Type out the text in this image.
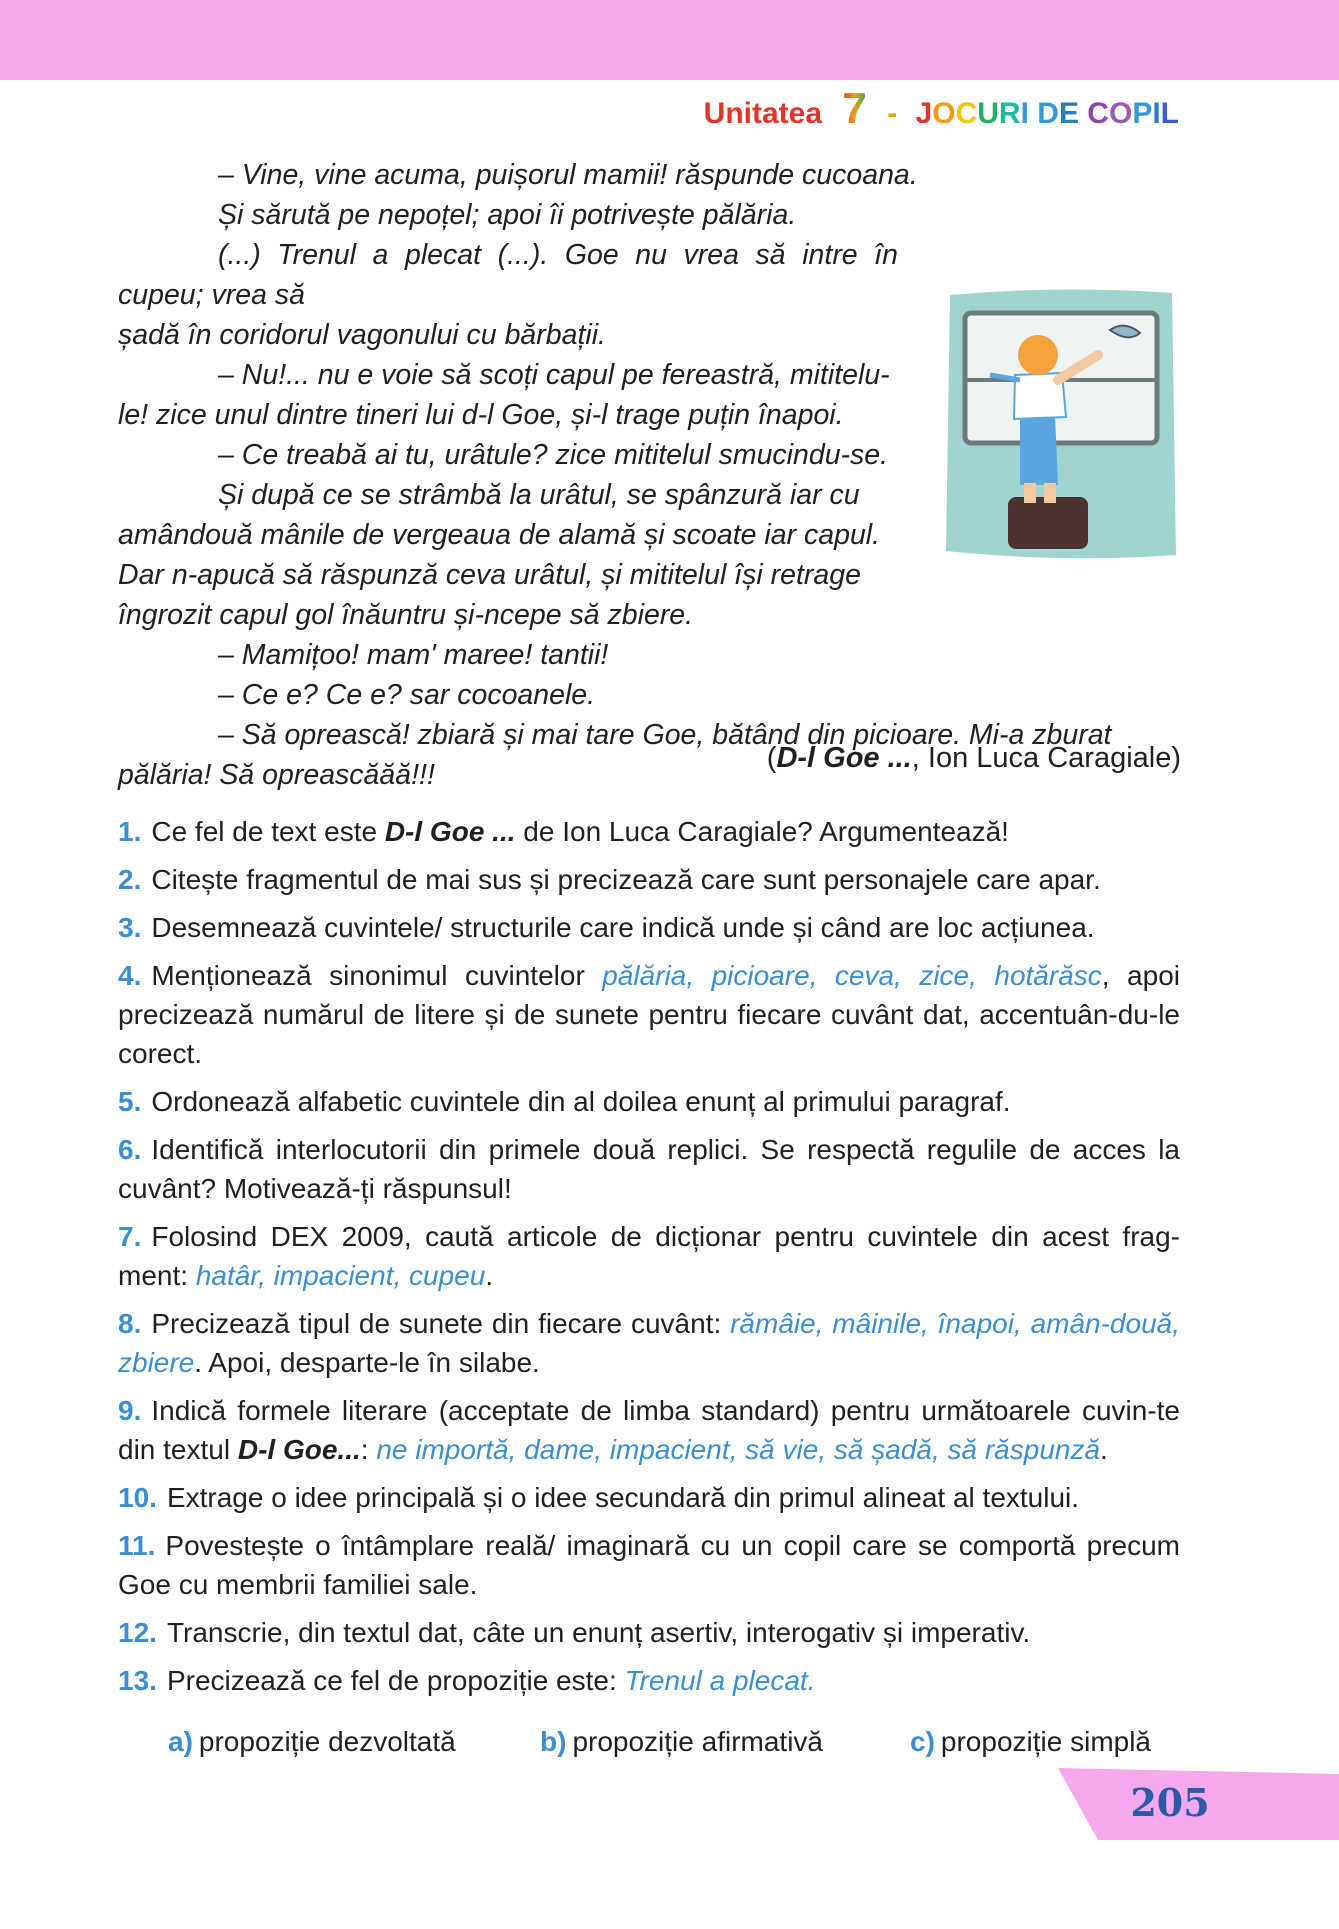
Unitatea 7 - JOCURI DE COPIL

– Vine, vine acuma, puișorul mamii! răspunde cucoana.

Și sărută pe nepoțel; apoi îi potrivește pălăria.

(...) Trenul a plecat (...). Goe nu vrea să intre în cupeu; vrea să

șadă în coridorul vagonului cu bărbații.

– Nu!... nu e voie să scoți capul pe fereastră, mititelu-

le! zice unul dintre tineri lui d-l Goe, și-l trage puțin înapoi.

– Ce treabă ai tu, urâtule? zice mititelul smucindu-se.

Și după ce se strâmbă la urâtul, se spânzură iar cu

amândouă mânile de vergeaua de alamă și scoate iar capul.

Dar n-apucă să răspunză ceva urâtul, și mititelul își retrage

îngrozit capul gol înăuntru și-ncepe să zbiere.

– Mamițoo! mam' maree! tantii!

– Ce e? Ce e? sar cocoanele.

– Să oprească! zbiară și mai tare Goe, bătând din picioare. Mi-a zburat

pălăria! Să opreascăăă!!!

(D-l Goe ..., Ion Luca Caragiale)

1. Ce fel de text este D-l Goe ... de Ion Luca Caragiale? Argumentează!

2. Citește fragmentul de mai sus și precizează care sunt personajele care apar.

3. Desemnează cuvintele/ structurile care indică unde și când are loc acțiunea.

4. Menționează sinonimul cuvintelor pălăria, picioare, ceva, zice, hotărăsc, apoi precizează numărul de litere și de sunete pentru fiecare cuvânt dat, accentuân-du-le corect.

5. Ordonează alfabetic cuvintele din al doilea enunț al primului paragraf.

6. Identifică interlocutorii din primele două replici. Se respectă regulile de acces la cuvânt? Motivează-ți răspunsul!

7. Folosind DEX 2009, caută articole de dicționar pentru cuvintele din acest frag-ment: hatâr, impacient, cupeu.

8. Precizează tipul de sunete din fiecare cuvânt: rămâie, mâinile, înapoi, amân-două, zbiere. Apoi, desparte-le în silabe.

9. Indică formele literare (acceptate de limba standard) pentru următoarele cuvin-te din textul D-l Goe...: ne importă, dame, impacient, să vie, să șadă, să răspunză.

10. Extrage o idee principală și o idee secundară din primul alineat al textului.

11. Povestește o întâmplare reală/ imaginară cu un copil care se comportă precum Goe cu membrii familiei sale.

12. Transcrie, din textul dat, câte un enunț asertiv, interogativ și imperativ.

13. Precizează ce fel de propoziție este: Trenul a plecat.

a) propoziție dezvoltată	b) propoziție afirmativă	c) propoziție simplă
205
